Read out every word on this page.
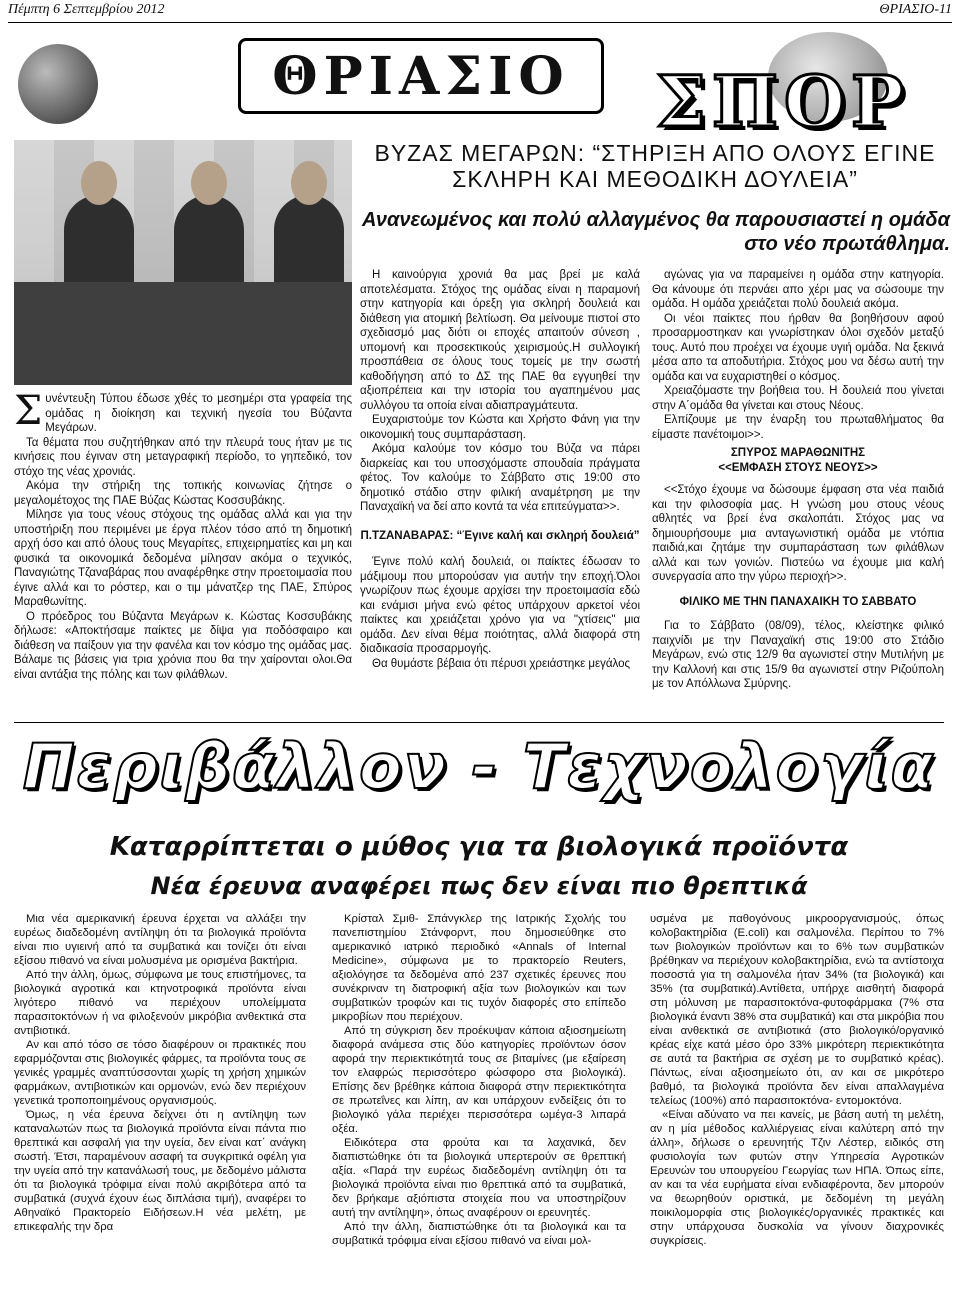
Πέμπτη 6 Σεπτεμβρίου 2012	ΘΡΙΑΣΙΟ-11
ΘΡΙΑΣΙΟ	ΣΠΟΡ
ΒΥΖΑΣ ΜΕΓΑΡΩΝ: “ΣΤΗΡΙΞΗ ΑΠΟ ΟΛΟΥΣ ΕΓΙΝΕ ΣΚΛΗΡΗ ΚΑΙ ΜΕΘΟΔΙΚΗ ΔΟΥΛΕΙΑ”
Ανανεωμένος και πολύ αλλαγμένος θα παρουσιαστεί η ομάδα στο νέο πρωτάθλημα.

Συνέντευξη Τύπου έδωσε χθές το μεσημέρι στα γραφεία της ομάδας η διοίκηση και τεχνική ηγεσία του Βύζαντα Μεγάρων.

Τα θέματα που συζητήθηκαν από την πλευρά τους ήταν με τις κινήσεις που έγιναν στη μεταγραφική περίοδο, το γηπεδικό, τον στόχο της νέας χρονιάς.

Ακόμα την στήριξη της τοπικής κοινωνίας ζήτησε ο μεγαλομέτοχος της ΠΑΕ Βύζας Κώστας Κοσσυβάκης.

Μίλησε για τους νέους στόχους της ομάδας αλλά και για την υποστήριξη που περιμένει με έργα πλέον τόσο από τη δημοτική αρχή όσο και από όλους τους Μεγαρίτες, επιχειρηματίες και μη και φυσικά τα οικονομικά δεδομένα μίλησαν ακόμα ο τεχνικός, Παναγιώτης Τζαναβάρας που αναφέρθηκε στην προετοιμασία που έγινε αλλά και το ρόστερ, και ο τιμ μάνατζερ της ΠΑΕ, Σπύρος Μαραθωνίτης.

Ο πρόεδρος του Βύζαντα Μεγάρων κ. Κώστας Κοσσυβάκης δήλωσε: «Αποκτήσαμε παίκτες με δίψα για ποδόσφαιρο και διάθεση να παίξουν για την φανέλα και τον κόσμο της ομάδας μας. Βάλαμε τις βάσεις για τρια χρόνια που θα την χαίρονται ολοι.Θα είναι αντάξια της πόλης και των φιλάθλων.

Η καινούργια χρονιά θα μας βρεί με καλά αποτελέσματα. Στόχος της ομάδας είναι η παραμονή στην κατηγορία και όρεξη για σκληρή δουλειά και διάθεση για ατομική βελτίωση. Θα μείνουμε πιστοί στο σχεδιασμό μας διότι οι εποχές απαιτούν σύνεση , υπομονή και προσεκτικούς χειρισμούς.Η συλλογική προσπάθεια σε όλους τους τομείς με την σωστή καθοδήγηση από το ΔΣ της ΠΑΕ θα εγγυηθεί την αξιοπρέπεια και την ιστορία του αγαπημένου μας συλλόγου τα οποία είναι αδιαπραγμάτευτα.

Ευχαριστούμε τον Κώστα και Χρήστο Φάνη για την οικονομική τους συμπαράσταση.

Ακόμα καλούμε τον κόσμο του Βύζα να πάρει διαρκείας και του υποσχόμαστε σπουδαία πράγματα φέτος. Τον καλούμε το Σάββατο στις 19:00 στο δημοτικό στάδιο στην φιλική αναμέτρηση με την Παναχαϊκή να δεί απο κοντά τα νέα επιτεύγματα>>.

Π.ΤΖΑΝΑΒΑΡΑΣ: “Έγινε καλή και σκληρή δουλειά”

Έγινε πολύ καλή δουλειά, οι παίκτες έδωσαν το μάξιμουμ που μπορούσαν για αυτήν την εποχή.Όλοι γνωρίζουν πως έχουμε αρχίσει την προετοιμασία εδώ και ενάμισι μήνα ενώ φέτος υπάρχουν αρκετοί νέοι παίκτες και χρειάζεται χρόνο για να "χτίσεις" μια ομάδα. Δεν είναι θέμα ποιότητας, αλλά διαφορά στη διαδικασία προσαρμογής.

Θα θυμάστε βέβαια ότι πέρυσι χρειάστηκε μεγάλος

αγώνας για να παραμείνει η ομάδα στην κατηγορία. Θα κάνουμε ότι περνάει απο χέρι μας να σώσουμε την ομάδα. Η ομάδα χρειάζεται πολύ δουλειά ακόμα.

Οι νέοι παίκτες που ήρθαν θα βοηθήσουν αφού προσαρμοστηκαν και γνωρίστηκαν όλοι σχεδόν μεταξύ τους. Αυτό που προέχει να έχουμε υγιή ομάδα. Να ξεκινά μέσα απο τα αποδυτήρια. Στόχος μου να δέσω αυτή την ομάδα και να ευχαριστηθεί ο κόσμος.

Χρειαζόμαστε την βοήθεια του. Η δουλειά που γίνεται στην Α΄ομάδα θα γίνεται και στους Νέους.

Ελπίζουμε με την έναρξη του πρωταθλήματος θα είμαστε πανέτοιμοι>>.

ΣΠΥΡΟΣ ΜΑΡΑΘΩΝΙΤΗΣ

<<ΕΜΦΑΣΗ ΣΤΟΥΣ ΝΕΟΥΣ>>

<<Στόχο έχουμε να δώσουμε έμφαση στα νέα παιδιά και την φιλοσοφία μας. Η γνώση μου στους νέους αθλητές να βρεί ένα σκαλοπάτι. Στόχος μας να δημιουρήσουμε μια ανταγωνιστική ομάδα με ντόπια παιδιά,και ζητάμε την συμπαράσταση των φιλάθλων αλλά και των γονιών. Πιστεύω να έχουμε μια καλή συνεργασία απο την γύρω περιοχή>>.

ΦΙΛΙΚΟ ΜΕ ΤΗΝ ΠΑΝΑΧΑΙΚΗ ΤΟ ΣΑΒΒΑΤΟ

Για το Σάββατο (08/09), τέλος, κλείστηκε φιλικό παιχνίδι με την Παναχαϊκή στις 19:00 στο Στάδιο Μεγάρων, ενώ στις 12/9 θα αγωνιστεί στην Μυτιλήνη με την Καλλονή και στις 15/9 θα αγωνιστεί στην Ριζούπολη με τον Απόλλωνα Σμύρνης.

Περιβάλλον - Τεχνολογία
Καταρρίπτεται ο μύθος για τα βιολογικά προϊόντα
Νέα έρευνα αναφέρει πως δεν είναι πιο θρεπτικά

Μια νέα αμερικανική έρευνα έρχεται να αλλάξει την ευρέως διαδεδομένη αντίληψη ότι τα βιολογικά προϊόντα είναι πιο υγιεινή από τα συμβατικά και τονίζει ότι είναι εξίσου πιθανό να είναι μολυσμένα με ορισμένα βακτήρια.

Από την άλλη, όμως, σύμφωνα με τους επιστήμονες, τα βιολογικά αγροτικά και κτηνοτροφικά προϊόντα είναι λιγότερο πιθανό να περιέχουν υπολείμματα παρασιτοκτόνων ή να φιλοξενούν μικρόβια ανθεκτικά στα αντιβιοτικά.

Αν και από τόσο σε τόσο διαφέρουν οι πρακτικές που εφαρμόζονται στις βιολογικές φάρμες, τα προϊόντα τους σε γενικές γραμμές αναπτύσσονται χωρίς τη χρήση χημικών φαρμάκων, αντιβιοτικών και ορμονών, ενώ δεν περιέχουν γενετικά τροποποιημένους οργανισμούς.

Όμως, η νέα έρευνα δείχνει ότι η αντίληψη των καταναλωτών πως τα βιολογικά προϊόντα είναι πάντα πιο θρεπτικά και ασφαλή για την υγεία, δεν είναι κατ΄ ανάγκη σωστή. Έτσι, παραμένουν ασαφή τα συγκριτικά οφέλη για την υγεία από την κατανάλωσή τους, με δεδομένο μάλιστα ότι τα βιολογικά τρόφιμα είναι πολύ ακριβότερα από τα συμβατικά (συχνά έχουν έως διπλάσια τιμή), αναφέρει το Αθηναϊκό Πρακτορείο Ειδήσεων.Η νέα μελέτη, με επικεφαλής την δρα

Κρίσταλ Σμιθ- Σπάνγκλερ της Ιατρικής Σχολής του πανεπιστημίου Στάνφορντ, που δημοσιεύθηκε στο αμερικανικό ιατρικό περιοδικό «Annals of Internal Medicine», σύμφωνα με το πρακτορείο Reuters, αξιολόγησε τα δεδομένα από 237 σχετικές έρευνες που συνέκριναν τη διατροφική αξία των βιολογικών και των συμβατικών τροφών και τις τυχόν διαφορές στο επίπεδο μικροβίων που περιέχουν.

Από τη σύγκριση δεν προέκυψαν κάποια αξιοσημείωτη διαφορά ανάμεσα στις δύο κατηγορίες προϊόντων όσον αφορά την περιεκτικότητά τους σε βιταμίνες (με εξαίρεση τον ελαφρώς περισσότερο φώσφορο στα βιολογικά). Επίσης δεν βρέθηκε κάποια διαφορά στην περιεκτικότητα σε πρωτεΐνες και λίπη, αν και υπάρχουν ενδείξεις ότι το βιολογικό γάλα περιέχει περισσότερα ωμέγα-3 λιπαρά οξέα.

Ειδικότερα στα φρούτα και τα λαχανικά, δεν διαπιστώθηκε ότι τα βιολογικά υπερτερούν σε θρεπτική αξία. «Παρά την ευρέως διαδεδομένη αντίληψη ότι τα βιολογικά προϊόντα είναι πιο θρεπτικά από τα συμβατικά, δεν βρήκαμε αξιόπιστα στοιχεία που να υποστηρίζουν αυτή την αντίληψη», όπως αναφέρουν οι ερευνητές.

Από την άλλη, διαπιστώθηκε ότι τα βιολογικά και τα συμβατικά τρόφιμα είναι εξίσου πιθανό να είναι μολ-

υσμένα με παθογόνους μικροοργανισμούς, όπως κολοβακτηρίδια (E.coli) και σαλμονέλα. Περίπου το 7% των βιολογικών προϊόντων και το 6% των συμβατικών βρέθηκαν να περιέχουν κολοβακτηρίδια, ενώ τα αντίστοιχα ποσοστά για τη σαλμονέλα ήταν 34% (τα βιολογικά) και 35% (τα συμβατικά).Αντίθετα, υπήρχε αισθητή διαφορά στη μόλυνση με παρασιτοκτόνα-φυτοφάρμακα (7% στα βιολογικά έναντι 38% στα συμβατικά) και στα μικρόβια που είναι ανθεκτικά σε αντιβιοτικά (στο βιολογικό/οργανικό κρέας είχε κατά μέσο όρο 33% μικρότερη περιεκτικότητα σε αυτά τα βακτήρια σε σχέση με το συμβατικό κρέας). Πάντως, είναι αξιοσημείωτο ότι, αν και σε μικρότερο βαθμό, τα βιολογικά προϊόντα δεν είναι απαλλαγμένα τελείως (100%) από παρασιτοκτόνα- εντομοκτόνα.

«Είναι αδύνατο να πει κανείς, με βάση αυτή τη μελέτη, αν η μία μέθοδος καλλιέργειας είναι καλύτερη από την άλλη», δήλωσε ο ερευνητής Τζιν Λέστερ, ειδικός στη φυσιολογία των φυτών στην Υπηρεσία Αγροτικών Ερευνών του υπουργείου Γεωργίας των ΗΠΑ. Όπως είπε, αν και τα νέα ευρήματα είναι ενδιαφέροντα, δεν μπορούν να θεωρηθούν οριστικά, με δεδομένη τη μεγάλη ποικιλομορφία στις βιολογικές/οργανικές πρακτικές και στην υπάρχουσα δυσκολία να γίνουν διαχρονικές συγκρίσεις.
